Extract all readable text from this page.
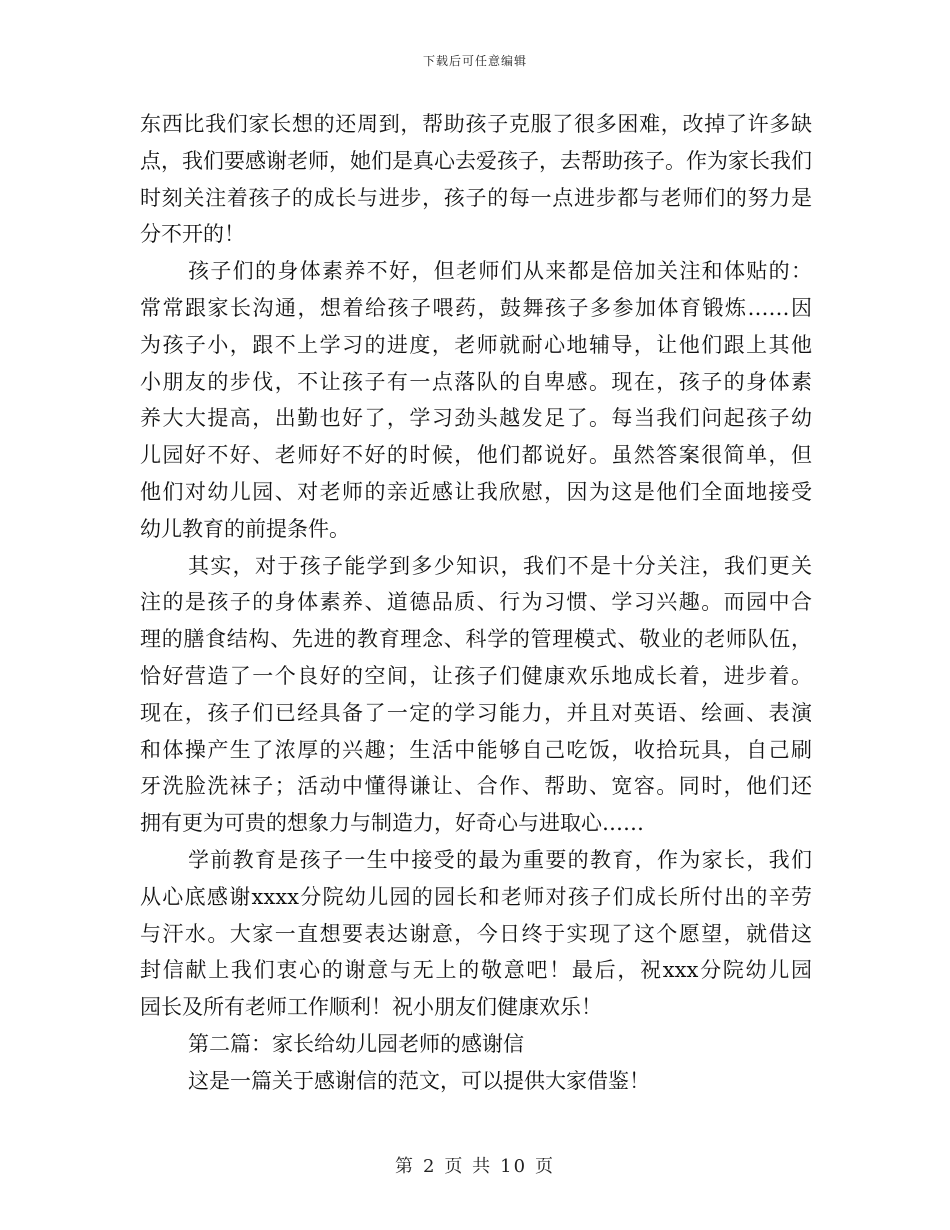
下载后可任意编辑
东西比我们家长想的还周到，帮助孩子克服了很多困难，改掉了许多缺
点，我们要感谢老师，她们是真心去爱孩子，去帮助孩子。作为家长我们
时刻关注着孩子的成长与进步，孩子的每一点进步都与老师们的努力是
分不开的！
孩子们的身体素养不好，但老师们从来都是倍加关注和体贴的：
常常跟家长沟通，想着给孩子喂药，鼓舞孩子多参加体育锻炼……因
为孩子小，跟不上学习的进度，老师就耐心地辅导，让他们跟上其他
小朋友的步伐，不让孩子有一点落队的自卑感。现在，孩子的身体素
养大大提高，出勤也好了，学习劲头越发足了。每当我们问起孩子幼
儿园好不好、老师好不好的时候，他们都说好。虽然答案很简单，但
他们对幼儿园、对老师的亲近感让我欣慰，因为这是他们全面地接受
幼儿教育的前提条件。
其实，对于孩子能学到多少知识，我们不是十分关注，我们更关
注的是孩子的身体素养、道德品质、行为习惯、学习兴趣。而园中合
理的膳食结构、先进的教育理念、科学的管理模式、敬业的老师队伍，
恰好营造了一个良好的空间，让孩子们健康欢乐地成长着，进步着。
现在，孩子们已经具备了一定的学习能力，并且对英语、绘画、表演
和体操产生了浓厚的兴趣；生活中能够自己吃饭，收拾玩具，自己刷
牙洗脸洗袜子；活动中懂得谦让、合作、帮助、宽容。同时，他们还
拥有更为可贵的想象力与制造力，好奇心与进取心……
学前教育是孩子一生中接受的最为重要的教育，作为家长，我们
从心底感谢xxxx分院幼儿园的园长和老师对孩子们成长所付出的辛劳
与汗水。大家一直想要表达谢意，今日终于实现了这个愿望，就借这
封信献上我们衷心的谢意与无上的敬意吧！最后，祝xxx分院幼儿园
园长及所有老师工作顺利！祝小朋友们健康欢乐！
第二篇：家长给幼儿园老师的感谢信
这是一篇关于感谢信的范文，可以提供大家借鉴！
第 2 页 共 10 页
